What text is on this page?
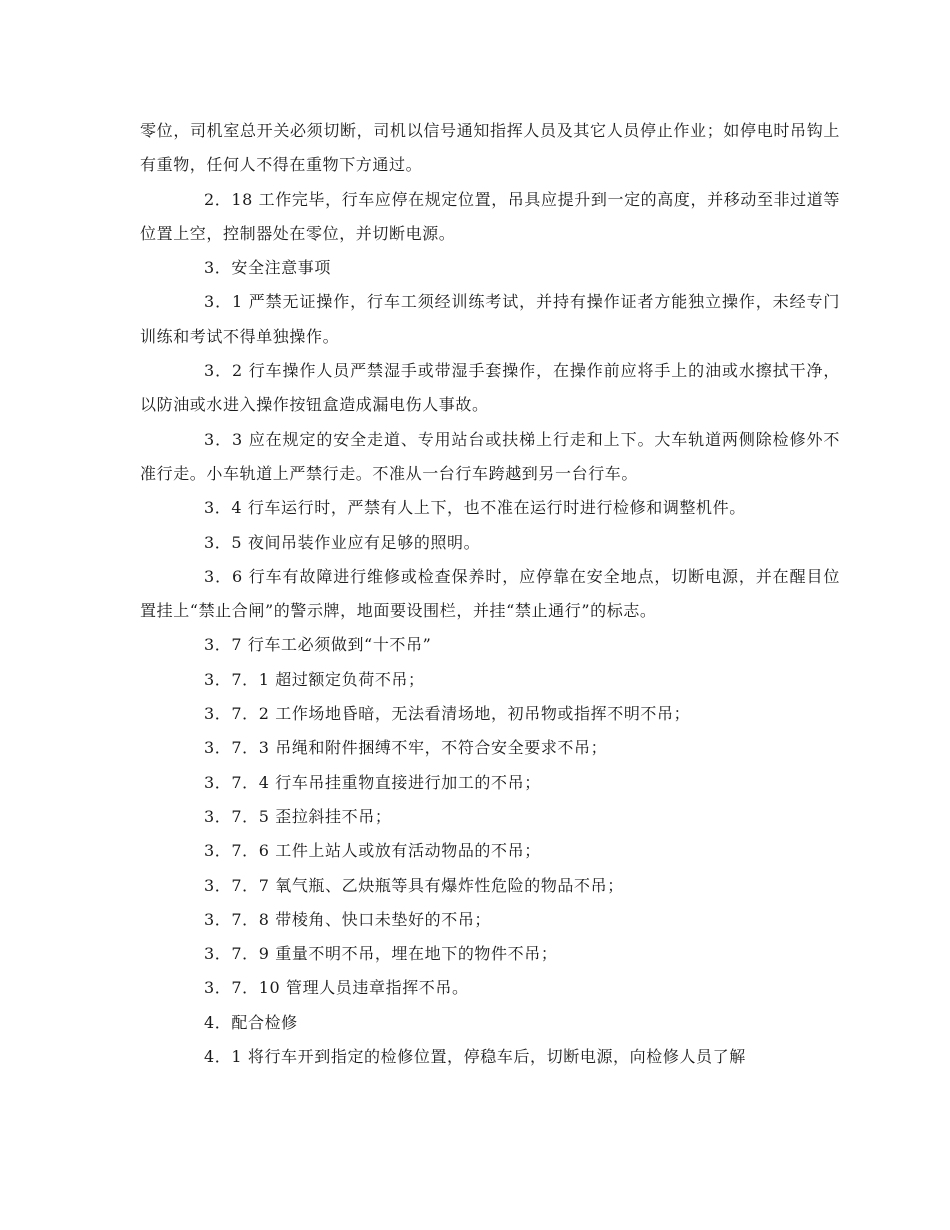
零位，司机室总开关必须切断，司机以信号通知指挥人员及其它人员停止作业；如停电时吊钩上有重物，任何人不得在重物下方通过。

2．18 工作完毕，行车应停在规定位置，吊具应提升到一定的高度，并移动至非过道等位置上空，控制器处在零位，并切断电源。

3．安全注意事项

3．1 严禁无证操作，行车工须经训练考试，并持有操作证者方能独立操作，未经专门训练和考试不得单独操作。

3．2 行车操作人员严禁湿手或带湿手套操作，在操作前应将手上的油或水擦拭干净，以防油或水进入操作按钮盒造成漏电伤人事故。

3．3 应在规定的安全走道、专用站台或扶梯上行走和上下。大车轨道两侧除检修外不准行走。小车轨道上严禁行走。不准从一台行车跨越到另一台行车。

3．4 行车运行时，严禁有人上下，也不准在运行时进行检修和调整机件。

3．5 夜间吊装作业应有足够的照明。

3．6 行车有故障进行维修或检查保养时，应停靠在安全地点，切断电源，并在醒目位置挂上“禁止合闸”的警示牌，地面要设围栏，并挂“禁止通行”的标志。

3．7 行车工必须做到“十不吊”

3．7．1 超过额定负荷不吊；

3．7．2 工作场地昏暗，无法看清场地，初吊物或指挥不明不吊；

3．7．3 吊绳和附件捆缚不牢，不符合安全要求不吊；

3．7．4 行车吊挂重物直接进行加工的不吊；

3．7．5 歪拉斜挂不吊；

3．7．6 工件上站人或放有活动物品的不吊；

3．7．7 氧气瓶、乙炔瓶等具有爆炸性危险的物品不吊；

3．7．8 带棱角、快口未垫好的不吊；

3．7．9 重量不明不吊，埋在地下的物件不吊；

3．7．10 管理人员违章指挥不吊。

4．配合检修

4．1 将行车开到指定的检修位置，停稳车后，切断电源，向检修人员了解
